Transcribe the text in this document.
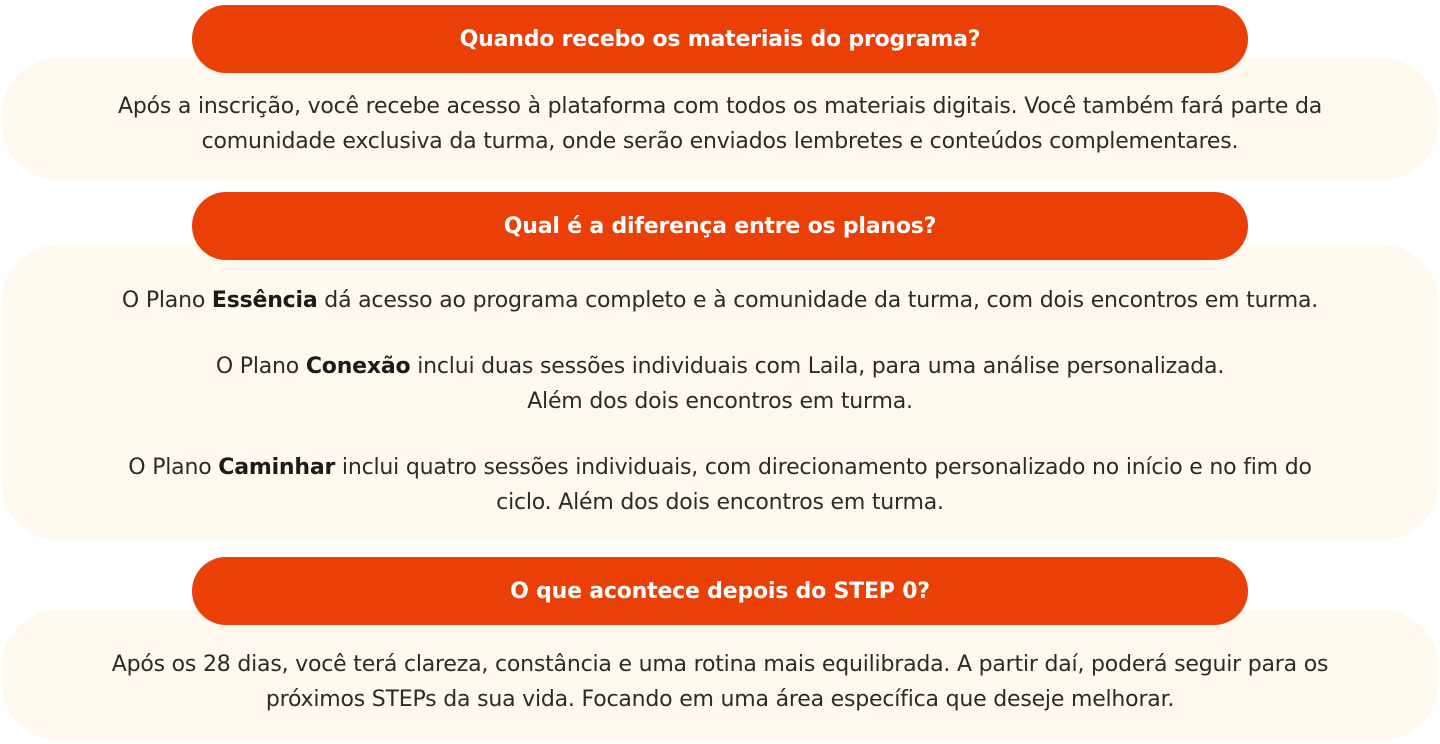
Após a inscrição, você recebe acesso à plataforma com todos os materiais digitais. Você também fará parte da
comunidade exclusiva da turma, onde serão enviados lembretes e conteúdos complementares.
Quando recebo os materiais do programa?
O Plano Essência dá acesso ao programa completo e à comunidade da turma, com dois encontros em turma.
O Plano Conexão inclui duas sessões individuais com Laila, para uma análise personalizada.
Além dos dois encontros em turma.
O Plano Caminhar inclui quatro sessões individuais, com direcionamento personalizado no início e no fim do
ciclo. Além dos dois encontros em turma.
Qual é a diferença entre os planos?
Após os 28 dias, você terá clareza, constância e uma rotina mais equilibrada. A partir daí, poderá seguir para os
próximos STEPs da sua vida. Focando em uma área específica que deseje melhorar.
O que acontece depois do STEP 0?
